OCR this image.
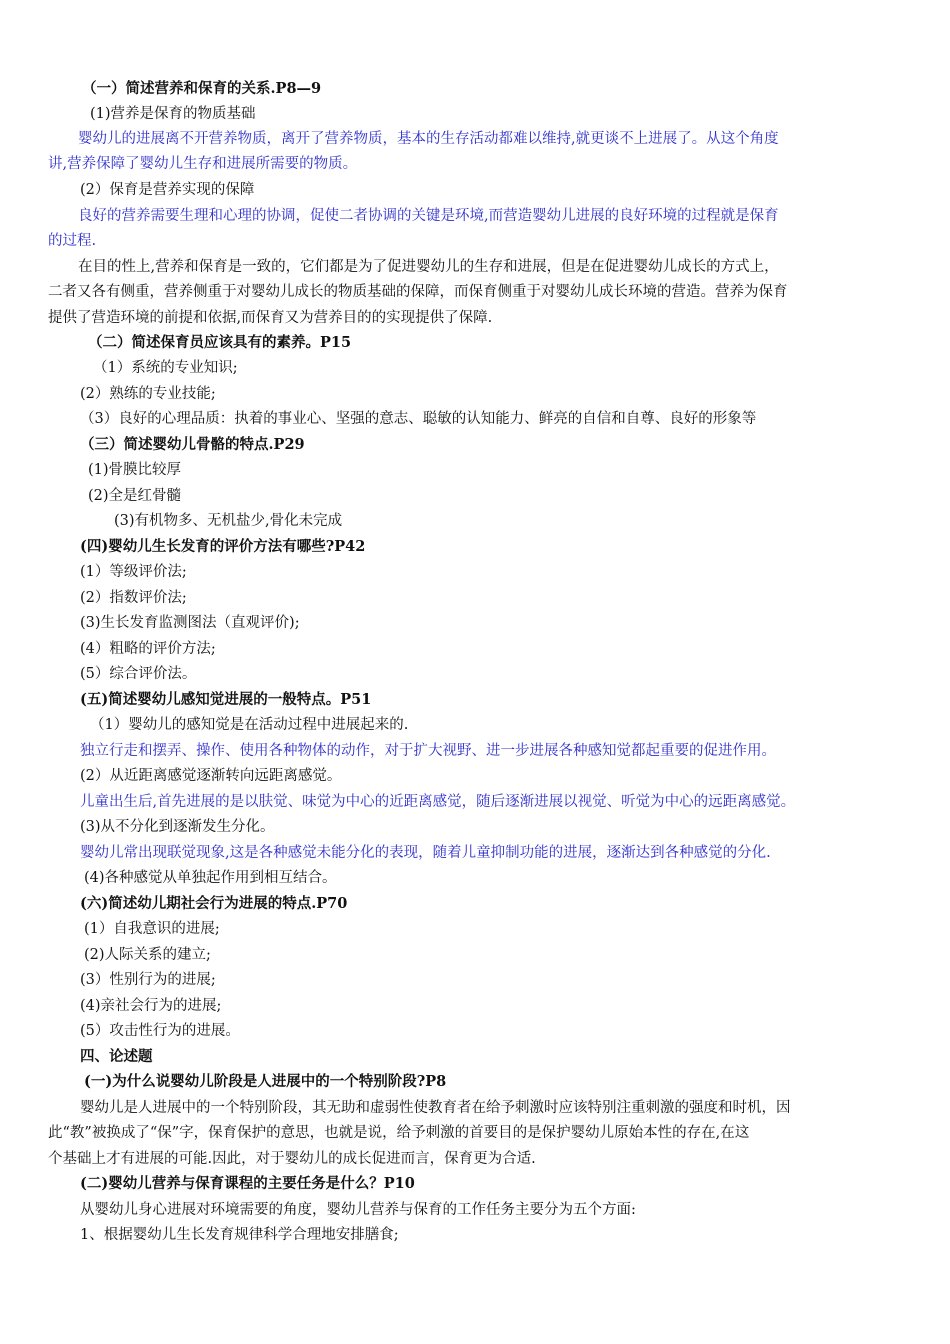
（一）简述营养和保育的关系.P8—9
(1)营养是保育的物质基础
婴幼儿的进展离不开营养物质，离开了营养物质，基本的生存活动都难以维持,就更谈不上进展了。从这个角度
讲,营养保障了婴幼儿生存和进展所需要的物质。
(2）保育是营养实现的保障
良好的营养需要生理和心理的协调，促使二者协调的关键是环境,而营造婴幼儿进展的良好环境的过程就是保育
的过程.
在目的性上,营养和保育是一致的，它们都是为了促进婴幼儿的生存和进展，但是在促进婴幼儿成长的方式上，
二者又各有侧重，营养侧重于对婴幼儿成长的物质基础的保障，而保育侧重于对婴幼儿成长环境的营造。营养为保育
提供了营造环境的前提和依据,而保育又为营养目的的实现提供了保障.
（二）简述保育员应该具有的素养。P15
（1）系统的专业知识;
(2）熟练的专业技能;
（3）良好的心理品质：执着的事业心、坚强的意志、聪敏的认知能力、鲜亮的自信和自尊、良好的形象等
（三）简述婴幼儿骨骼的特点.P29
(1)骨膜比较厚
(2)全是红骨髓
(3)有机物多、无机盐少,骨化未完成
(四)婴幼儿生长发育的评价方法有哪些?P42
(1）等级评价法;
(2）指数评价法;
(3)生长发育监测图法（直观评价);
(4）粗略的评价方法;
(5）综合评价法。
(五)简述婴幼儿感知觉进展的一般特点。P51
（1）婴幼儿的感知觉是在活动过程中进展起来的.
独立行走和摆弄、操作、使用各种物体的动作，对于扩大视野、进一步进展各种感知觉都起重要的促进作用。
(2）从近距离感觉逐渐转向远距离感觉。
儿童出生后,首先进展的是以肤觉、味觉为中心的近距离感觉，随后逐渐进展以视觉、听觉为中心的远距离感觉。
(3)从不分化到逐渐发生分化。
婴幼儿常出现联觉现象,这是各种感觉未能分化的表现，随着儿童抑制功能的进展，逐渐达到各种感觉的分化.
(4)各种感觉从单独起作用到相互结合。
(六)简述幼儿期社会行为进展的特点.P70
(1）自我意识的进展;
(2)人际关系的建立;
(3）性别行为的进展;
(4)亲社会行为的进展;
(5）攻击性行为的进展。
四、论述题
(一)为什么说婴幼儿阶段是人进展中的一个特别阶段?P8
婴幼儿是人进展中的一个特别阶段，其无助和虚弱性使教育者在给予刺激时应该特别注重刺激的强度和时机，因
此“教”被换成了“保”字，保育保护的意思，也就是说，给予刺激的首要目的是保护婴幼儿原始本性的存在,在这
个基础上才有进展的可能.因此，对于婴幼儿的成长促进而言，保育更为合适.
(二)婴幼儿营养与保育课程的主要任务是什么？P10
从婴幼儿身心进展对环境需要的角度，婴幼儿营养与保育的工作任务主要分为五个方面:
1、根据婴幼儿生长发育规律科学合理地安排膳食;
